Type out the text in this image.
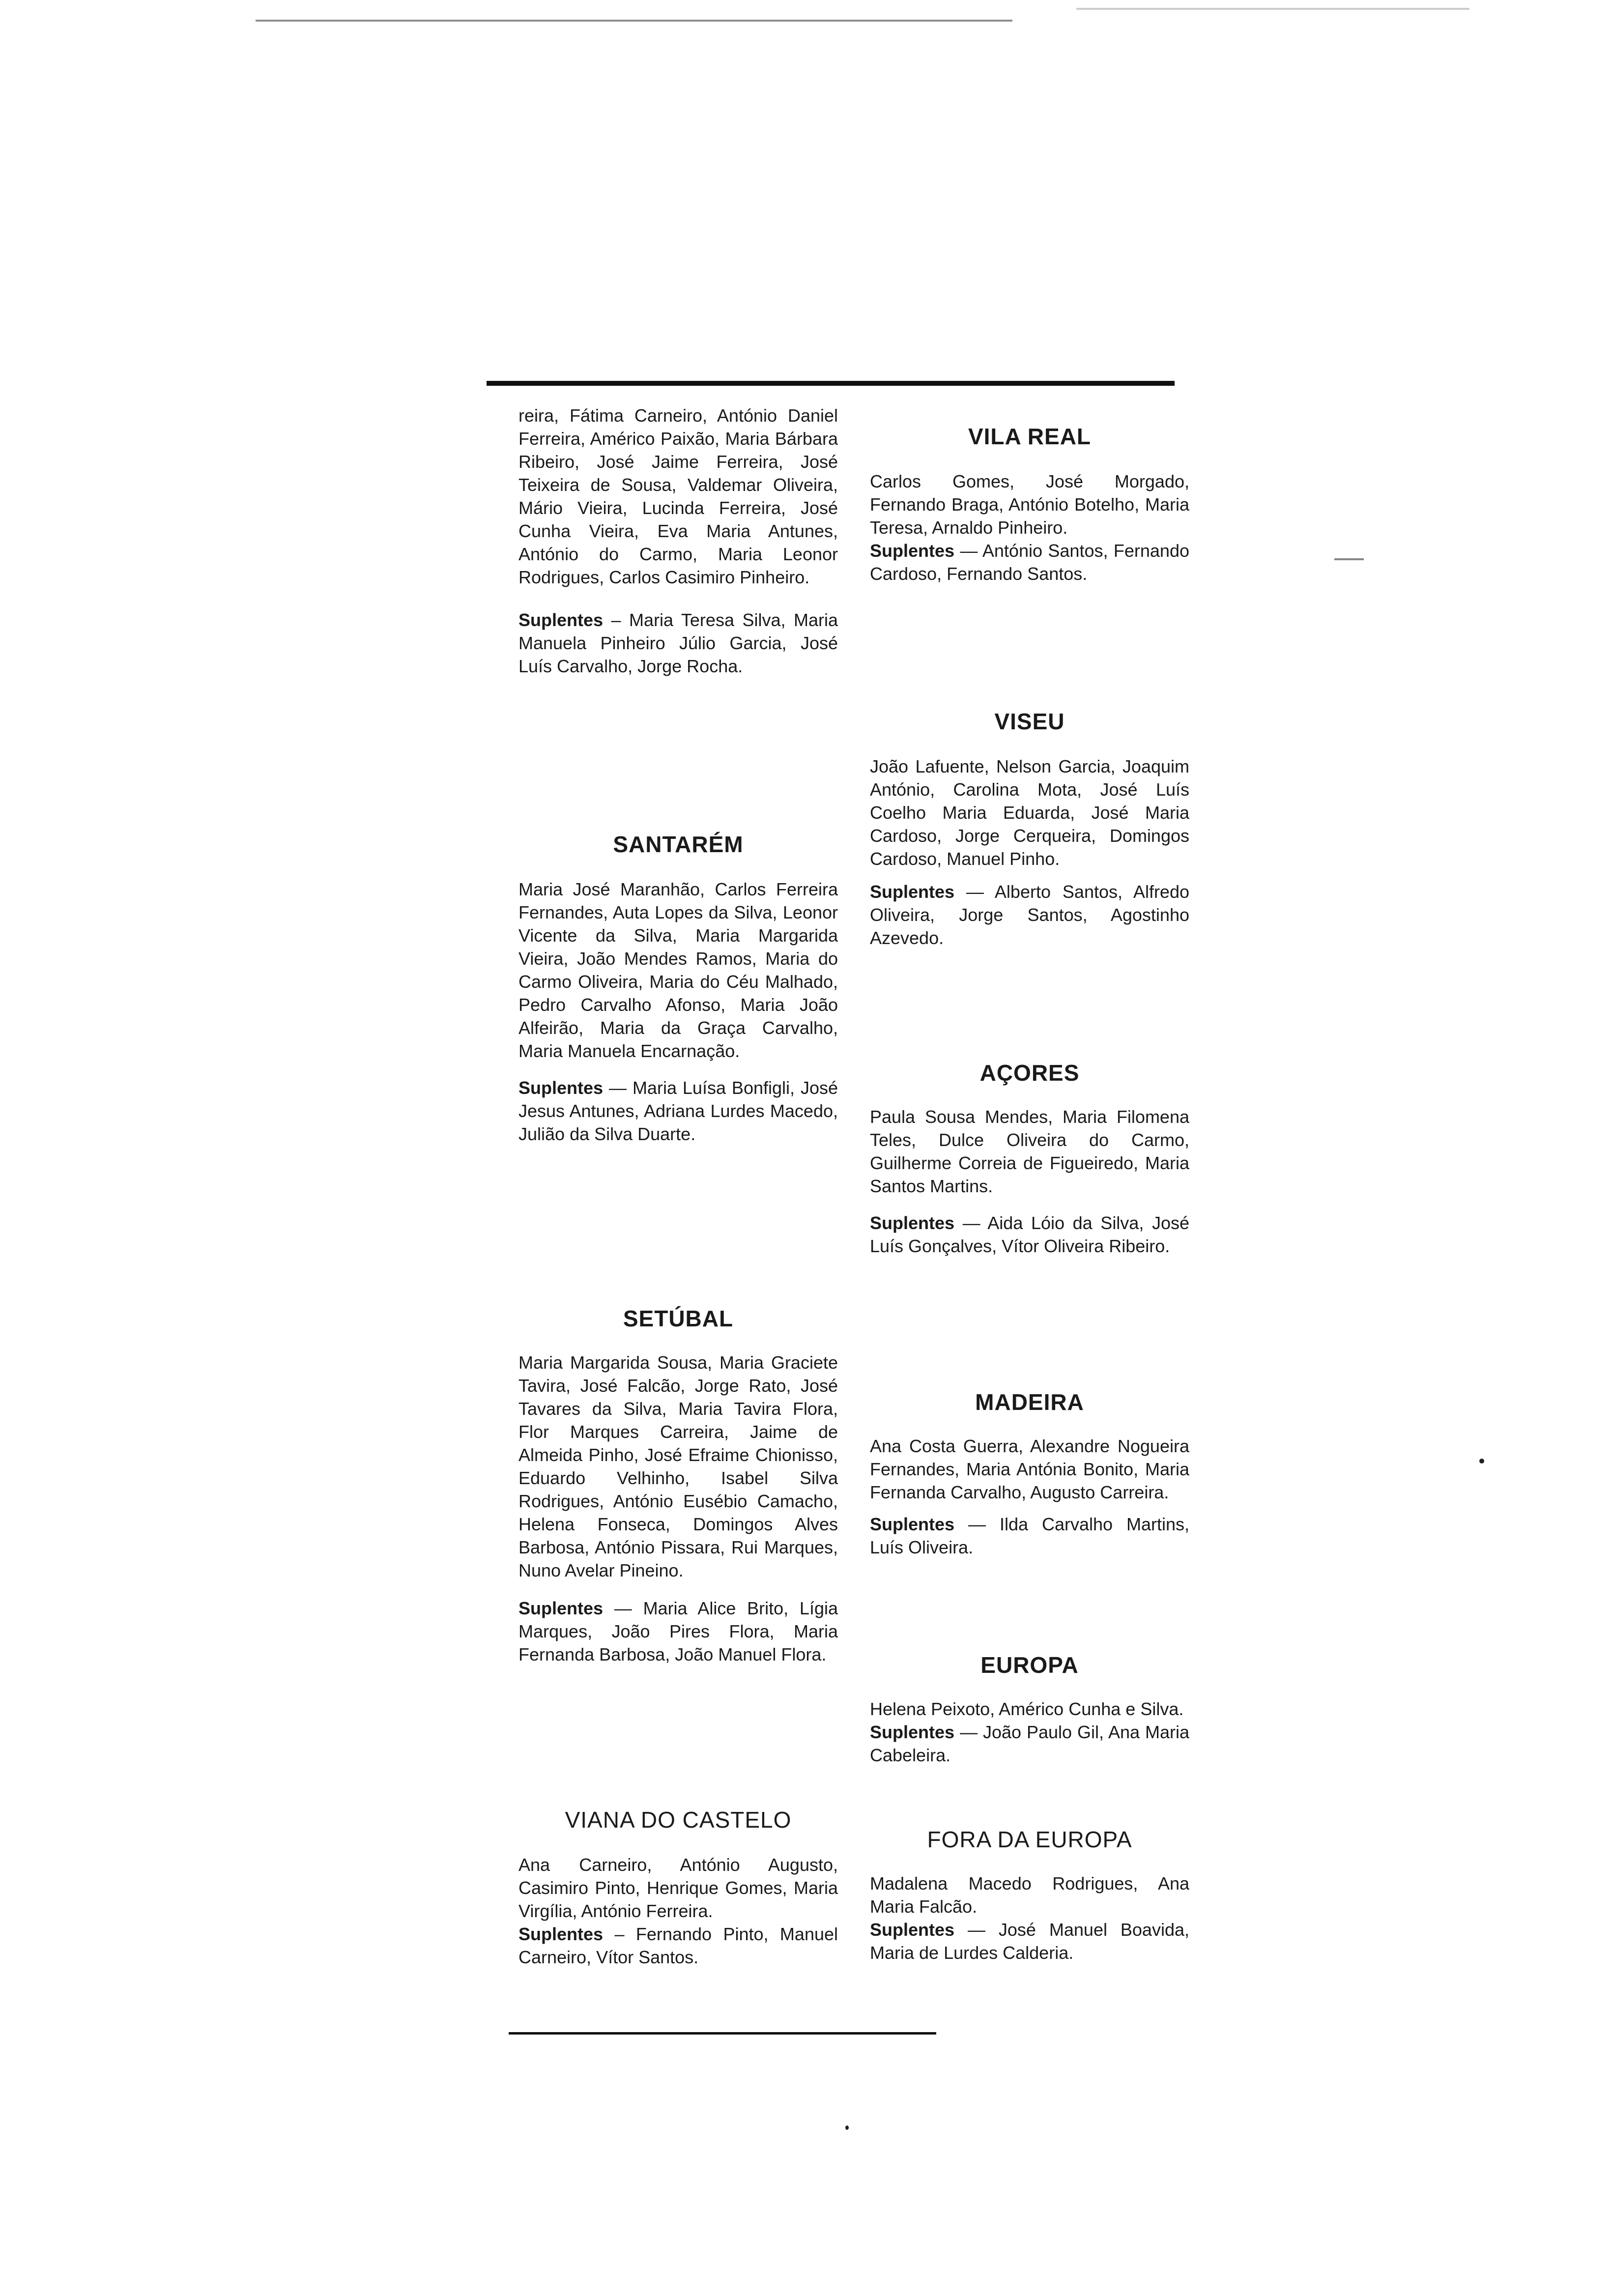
reira, Fátima Carneiro, António Daniel Ferreira, Américo Paixão, Maria Bárbara Ribeiro, José Jaime Ferreira, José Teixeira de Sousa, Valdemar Oliveira, Mário Vieira, Lucinda Ferreira, José Cunha Vieira, Eva Maria Antunes, António do Carmo, Maria Leonor Rodrigues, Carlos Casimiro Pinheiro.

Suplentes – Maria Teresa Silva, Maria Manuela Pinheiro Júlio Garcia, José Luís Carvalho, Jorge Rocha.

SANTARÉM

Maria José Maranhão, Carlos Ferreira Fernandes, Auta Lopes da Silva, Leonor Vicente da Silva, Maria Margarida Vieira, João Mendes Ramos, Maria do Carmo Oliveira, Maria do Céu Malhado, Pedro Carvalho Afonso, Maria João Alfeirão, Maria da Graça Carvalho, Maria Manuela Encarnação.

Suplentes — Maria Luísa Bonfigli, José Jesus Antunes, Adriana Lurdes Macedo, Julião da Silva Duarte.

SETÚBAL

Maria Margarida Sousa, Maria Graciete Tavira, José Falcão, Jorge Rato, José Tavares da Silva, Maria Tavira Flora, Flor Marques Carreira, Jaime de Almeida Pinho, José Efraime Chionisso, Eduardo Velhinho, Isabel Silva Rodrigues, António Eusébio Camacho, Helena Fonseca, Domingos Alves Barbosa, António Pissara, Rui Marques, Nuno Avelar Pineino.

Suplentes — Maria Alice Brito, Lígia Marques, João Pires Flora, Maria Fernanda Barbosa, João Manuel Flora.

VIANA DO CASTELO

Ana Carneiro, António Augusto, Casimiro Pinto, Henrique Gomes, Maria Virgília, António Ferreira.

Suplentes – Fernando Pinto, Manuel Carneiro, Vítor Santos.

VILA REAL

Carlos Gomes, José Morgado, Fernando Braga, António Botelho, Maria Teresa, Arnaldo Pinheiro.

Suplentes — António Santos, Fernando Cardoso, Fernando Santos.

VISEU

João Lafuente, Nelson Garcia, Joaquim António, Carolina Mota, José Luís Coelho Maria Eduarda, José Maria Cardoso, Jorge Cerqueira, Domingos Cardoso, Manuel Pinho.

Suplentes — Alberto Santos, Alfredo Oliveira, Jorge Santos, Agostinho Azevedo.

AÇORES

Paula Sousa Mendes, Maria Filomena Teles, Dulce Oliveira do Carmo, Guilherme Correia de Figueiredo, Maria Santos Martins.

Suplentes — Aida Lóio da Silva, José Luís Gonçalves, Vítor Oliveira Ribeiro.

MADEIRA

Ana Costa Guerra, Alexandre Nogueira Fernandes, Maria Antónia Bonito, Maria Fernanda Carvalho, Augusto Carreira.

Suplentes — Ilda Carvalho Martins, Luís Oliveira.

EUROPA

Helena Peixoto, Américo Cunha e Silva.

Suplentes — João Paulo Gil, Ana Maria Cabeleira.

FORA DA EUROPA

Madalena Macedo Rodrigues, Ana Maria Falcão.

Suplentes — José Manuel Boavida, Maria de Lurdes Calderia.
